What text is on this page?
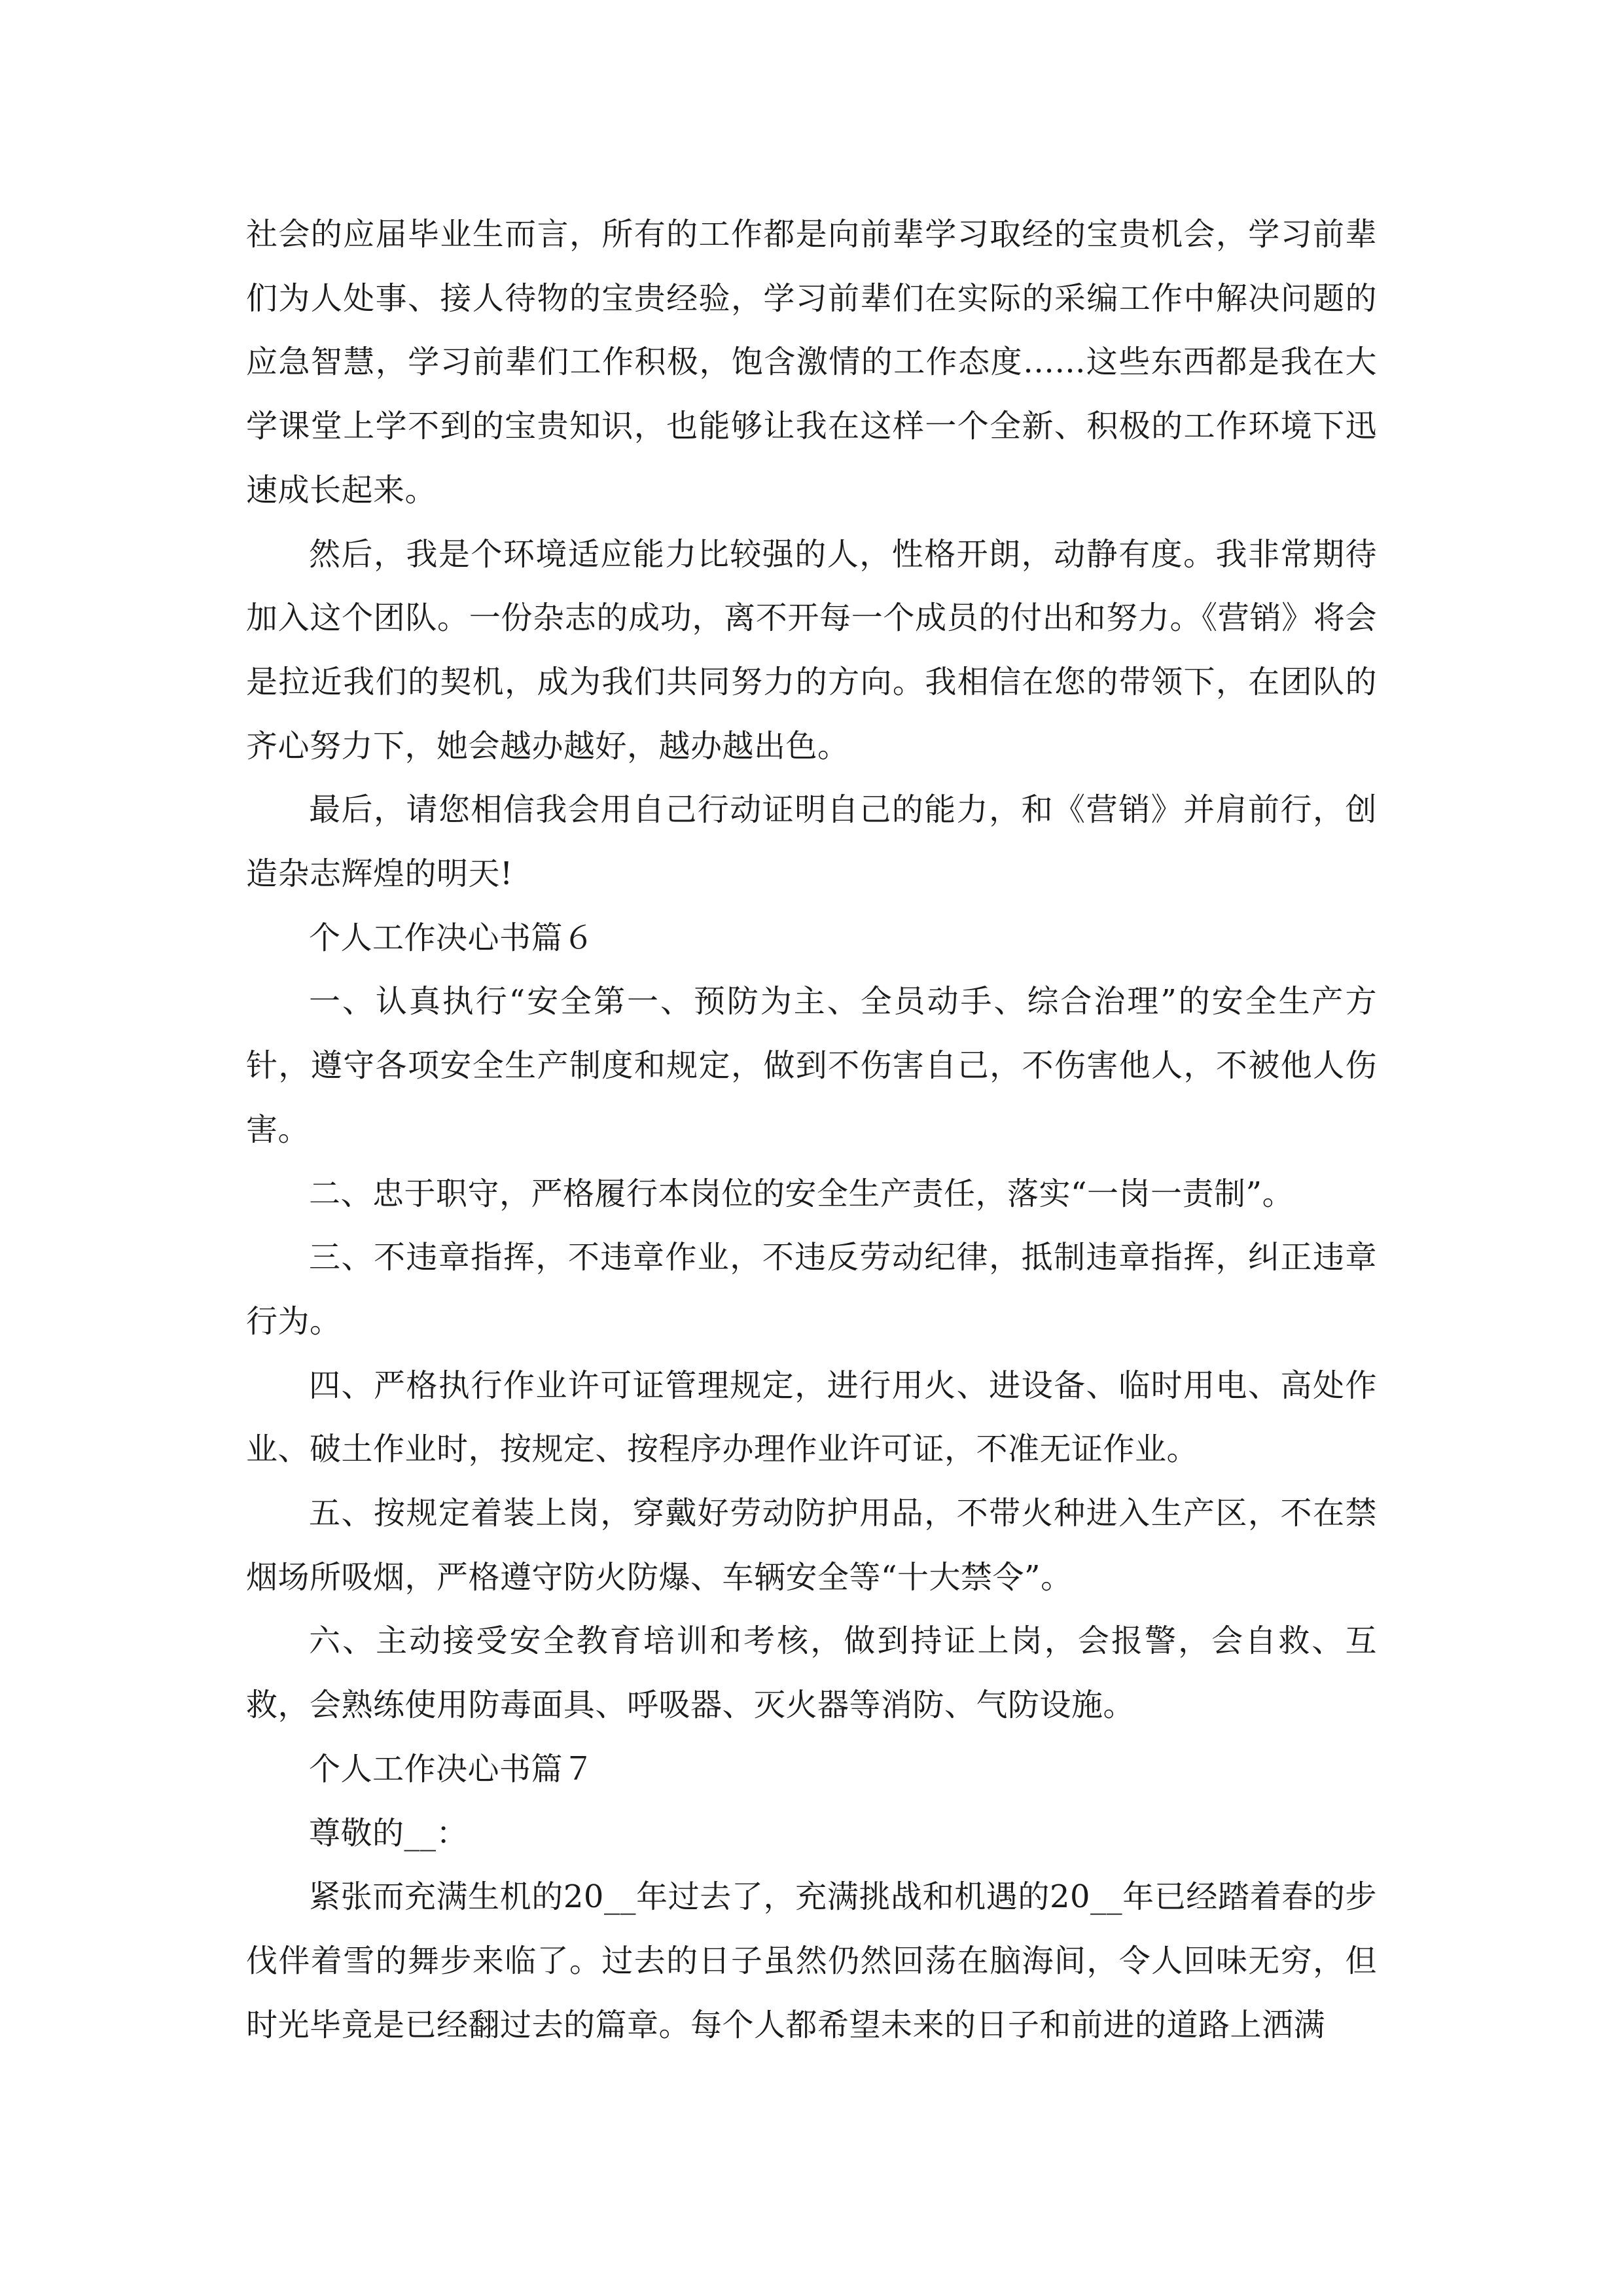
社会的应届毕业生而言，所有的工作都是向前辈学习取经的宝贵机会，学习前辈们为人处事、接人待物的宝贵经验，学习前辈们在实际的采编工作中解决问题的应急智慧，学习前辈们工作积极，饱含激情的工作态度…...这些东西都是我在大学课堂上学不到的宝贵知识，也能够让我在这样一个全新、积极的工作环境下迅速成长起来。

然后，我是个环境适应能力比较强的人，性格开朗，动静有度。我非常期待加入这个团队。一份杂志的成功，离不开每一个成员的付出和努力。《营销》将会是拉近我们的契机，成为我们共同努力的方向。我相信在您的带领下，在团队的齐心努力下，她会越办越好，越办越出色。

最后，请您相信我会用自己行动证明自己的能力，和《营销》并肩前行，创造杂志辉煌的明天!

个人工作决心书篇６

一、认真执行“安全第一、预防为主、全员动手、综合治理”的安全生产方针，遵守各项安全生产制度和规定，做到不伤害自己，不伤害他人，不被他人伤害。

二、忠于职守，严格履行本岗位的安全生产责任，落实“一岗一责制”。

三、不违章指挥，不违章作业，不违反劳动纪律，抵制违章指挥，纠正违章行为。

四、严格执行作业许可证管理规定，进行用火、进设备、临时用电、高处作业、破土作业时，按规定、按程序办理作业许可证，不准无证作业。

五、按规定着装上岗，穿戴好劳动防护用品，不带火种进入生产区，不在禁烟场所吸烟，严格遵守防火防爆、车辆安全等“十大禁令”。

六、主动接受安全教育培训和考核，做到持证上岗，会报警，会自救、互救，会熟练使用防毒面具、呼吸器、灭火器等消防、气防设施。

个人工作决心书篇７

尊敬的__：

紧张而充满生机的20__年过去了，充满挑战和机遇的20__年已经踏着春的步伐伴着雪的舞步来临了。过去的日子虽然仍然回荡在脑海间，令人回味无穷，但时光毕竟是已经翻过去的篇章。每个人都希望未来的日子和前进的道路上洒满
